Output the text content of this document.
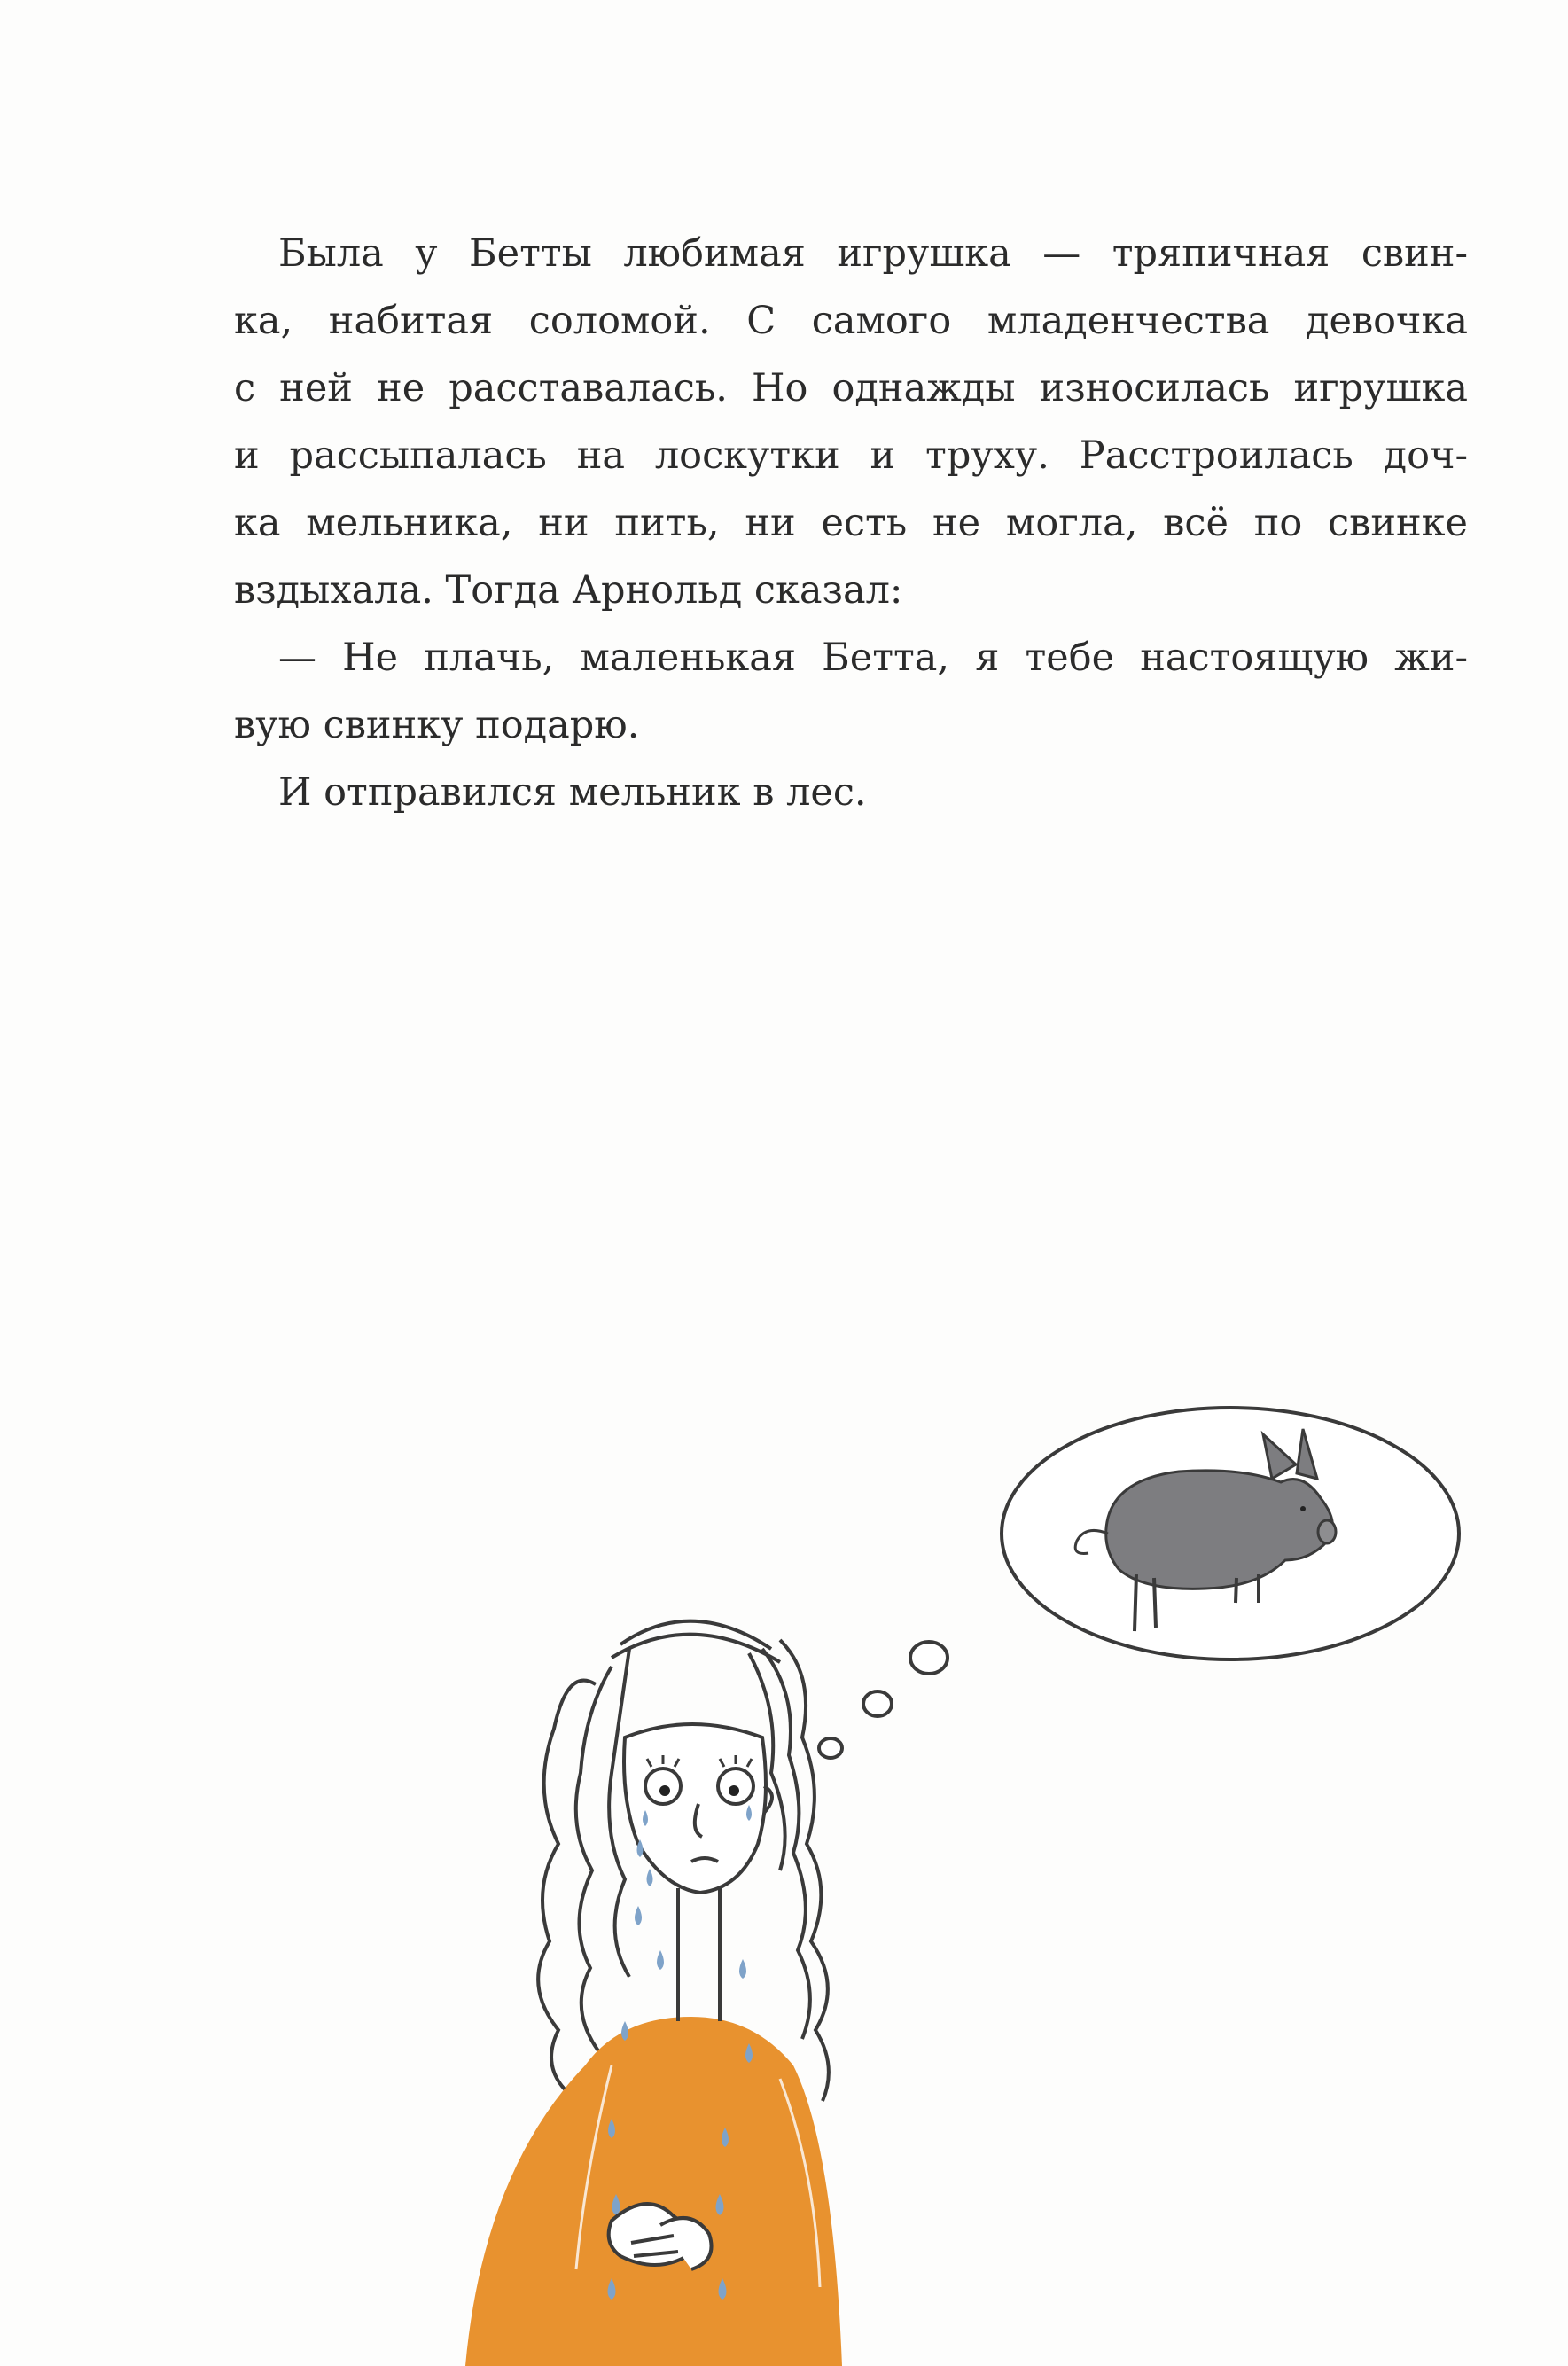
Была у Бетты любимая игрушка — тряпичная свин-
ка, набитая соломой. С самого младенчества девочка
с ней не расставалась. Но однажды износилась игрушка
и рассыпалась на лоскутки и труху. Расстроилась доч-
ка мельника, ни пить, ни есть не могла, всё по свинке
вздыхала. Тогда Арнольд сказал:

— Не плачь, маленькая Бетта, я тебе настоящую жи-
вую свинку подарю.

И отправился мельник в лес.
